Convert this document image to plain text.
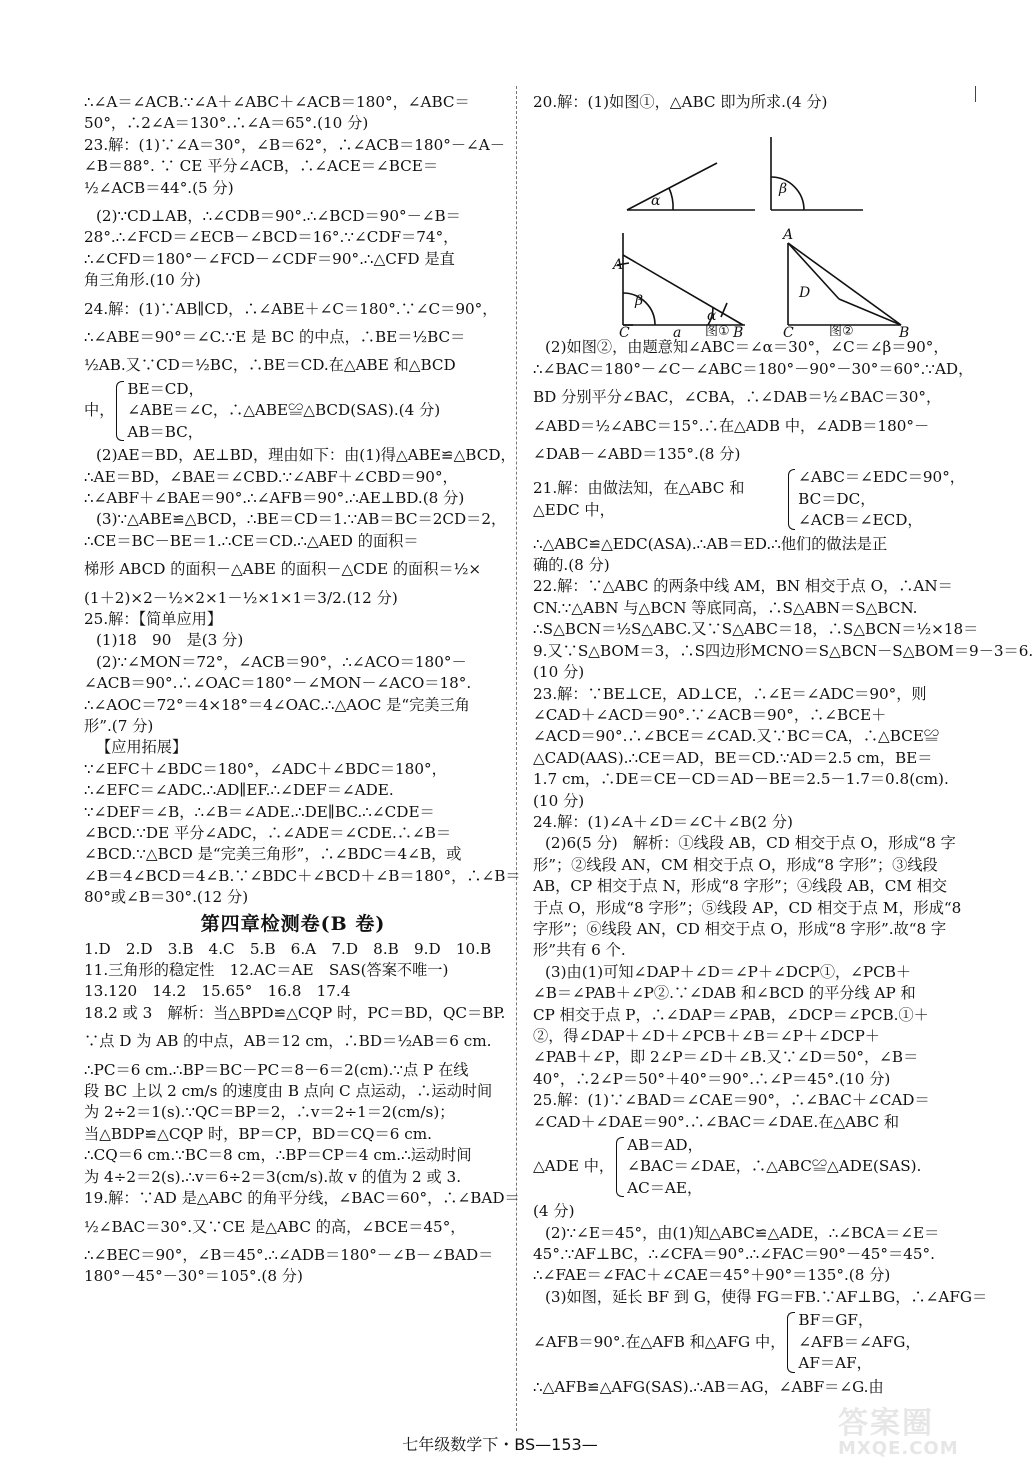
∴∠A＝∠ACB.∵∠A＋∠ABC＋∠ACB＝180°，∠ABC＝
50°，∴2∠A＝130°.∴∠A＝65°.(10 分)
23.解：(1)∵∠A＝30°，∠B＝62°，∴∠ACB＝180°－∠A－
∠B＝88°. ∵ CE 平分∠ACB，∴∠ACE＝∠BCE＝
½∠ACB＝44°.(5 分)
(2)∵CD⊥AB，∴∠CDB＝90°.∴∠BCD＝90°－∠B＝
28°.∴∠FCD＝∠ECB－∠BCD＝16°.∵∠CDF＝74°，
∴∠CFD＝180°－∠FCD－∠CDF＝90°.∴△CFD 是直
角三角形.(10 分)
24.解：(1)∵AB∥CD，∴∠ABE＋∠C＝180°.∵∠C＝90°，
∴∠ABE＝90°＝∠C.∵E 是 BC 的中点，∴BE＝½BC＝
½AB.又∵CD＝½BC，∴BE＝CD.在△ABE 和△BCD
中，
BE＝CD，
∠ABE＝∠C，∴△ABE≌△BCD(SAS).(4 分)
AB＝BC，
(2)AE＝BD，AE⊥BD，理由如下：由(1)得△ABE≌△BCD，
∴AE＝BD，∠BAE＝∠CBD.∵∠ABF＋∠CBD＝90°，
∴∠ABF＋∠BAE＝90°.∴∠AFB＝90°.∴AE⊥BD.(8 分)
(3)∵△ABE≌△BCD，∴BE＝CD＝1.∵AB＝BC＝2CD＝2，
∴CE＝BC－BE＝1.∴CE＝CD.∴△AED 的面积＝
梯形 ABCD 的面积－△ABE 的面积－△CDE 的面积＝½×
(1＋2)×2－½×2×1－½×1×1＝3/2.(12 分)
25.解：【简单应用】
(1)18　90　是(3 分)
(2)∵∠MON＝72°，∠ACB＝90°，∴∠ACO＝180°－
∠ACB＝90°.∴∠OAC＝180°－∠MON－∠ACO＝18°.
∴∠AOC＝72°＝4×18°＝4∠OAC.∴△AOC 是“完美三角
形”.(7 分)
【应用拓展】
∵∠EFC＋∠BDC＝180°，∠ADC＋∠BDC＝180°，
∴∠EFC＝∠ADC.∴AD∥EF.∴∠DEF＝∠ADE.
∵∠DEF＝∠B，∴∠B＝∠ADE.∴DE∥BC.∴∠CDE＝
∠BCD.∵DE 平分∠ADC，∴∠ADE＝∠CDE.∴∠B＝
∠BCD.∵△BCD 是“完美三角形”，∴∠BDC＝4∠B，或
∠B＝4∠BCD＝4∠B.∵∠BDC＋∠BCD＋∠B＝180°，∴∠B＝
80°或∠B＝30°.(12 分)
第四章检测卷(B 卷)
1.D　2.D　3.B　4.C　5.B　6.A　7.D　8.B　9.D　10.B
11.三角形的稳定性　12.AC＝AE　SAS(答案不唯一)
13.120　14.2　15.65°　16.8　17.4
18.2 或 3　解析：当△BPD≌△CQP 时，PC＝BD，QC＝BP.
∵点 D 为 AB 的中点，AB＝12 cm，∴BD＝½AB＝6 cm.
∴PC＝6 cm.∴BP＝BC－PC＝8－6＝2(cm).∵点 P 在线
段 BC 上以 2 cm/s 的速度由 B 点向 C 点运动，∴运动时间
为 2÷2＝1(s).∵QC＝BP＝2，∴v＝2÷1＝2(cm/s)；
当△BDP≌△CQP 时，BP＝CP，BD＝CQ＝6 cm.
∴CQ＝6 cm.∵BC＝8 cm，∴BP＝CP＝4 cm.∴运动时间
为 4÷2＝2(s).∴v＝6÷2＝3(cm/s).故 v 的值为 2 或 3.
19.解：∵AD 是△ABC 的角平分线，∠BAC＝60°，∴∠BAD＝
½∠BAC＝30°.又∵CE 是△ABC 的高，∠BCE＝45°，
∴∠BEC＝90°，∠B＝45°.∴∠ADB＝180°－∠B－∠BAD＝
180°－45°－30°＝105°.(8 分)
20.解：(1)如图①，△ABC 即为所求.(4 分)
α
β
A
β
α
a
C	B
A
D
C	B
图①	图②
(2)如图②，由题意知∠ABC＝∠α＝30°，∠C＝∠β＝90°，
∴∠BAC＝180°－∠C－∠ABC＝180°－90°－30°＝60°.∵AD，
BD 分别平分∠BAC，∠CBA，∴∠DAB＝½∠BAC＝30°，
∠ABD＝½∠ABC＝15°.∴在△ADB 中，∠ADB＝180°－
∠DAB－∠ABD＝135°.(8 分)
21.解：由做法知，在△ABC 和△EDC 中，
∠ABC＝∠EDC＝90°，
BC＝DC，
∠ACB＝∠ECD，
∴△ABC≌△EDC(ASA).∴AB＝ED.∴他们的做法是正
确的.(8 分)
22.解：∵△ABC 的两条中线 AM，BN 相交于点 O，∴AN＝
CN.∵△ABN 与△BCN 等底同高，∴S△ABN＝S△BCN.
∴S△BCN＝½S△ABC.又∵S△ABC＝18，∴S△BCN＝½×18＝
9.又∵S△BOM＝3，∴S四边形MCNO＝S△BCN－S△BOM＝9－3＝6.
(10 分)
23.解：∵BE⊥CE，AD⊥CE，∴∠E＝∠ADC＝90°，则
∠CAD＋∠ACD＝90°.∵∠ACB＝90°，∴∠BCE＋
∠ACD＝90°.∴∠BCE＝∠CAD.又∵BC＝CA，∴△BCE≌
△CAD(AAS).∴CE＝AD，BE＝CD.∵AD＝2.5 cm，BE＝
1.7 cm，∴DE＝CE－CD＝AD－BE＝2.5－1.7＝0.8(cm).
(10 分)
24.解：(1)∠A＋∠D＝∠C＋∠B(2 分)
(2)6(5 分)　解析：①线段 AB，CD 相交于点 O，形成“8 字
形”；②线段 AN，CM 相交于点 O，形成“8 字形”；③线段
AB，CP 相交于点 N，形成“8 字形”；④线段 AB，CM 相交
于点 O，形成“8 字形”；⑤线段 AP，CD 相交于点 M，形成“8
字形”；⑥线段 AN，CD 相交于点 O，形成“8 字形”.故“8 字
形”共有 6 个.
(3)由(1)可知∠DAP＋∠D＝∠P＋∠DCP①，∠PCB＋
∠B＝∠PAB＋∠P②.∵∠DAB 和∠BCD 的平分线 AP 和
CP 相交于点 P，∴∠DAP＝∠PAB，∠DCP＝∠PCB.①＋
②，得∠DAP＋∠D＋∠PCB＋∠B＝∠P＋∠DCP＋
∠PAB＋∠P，即 2∠P＝∠D＋∠B.又∵∠D＝50°，∠B＝
40°，∴2∠P＝50°＋40°＝90°.∴∠P＝45°.(10 分)
25.解：(1)∵∠BAD＝∠CAE＝90°，∴∠BAC＋∠CAD＝
∠CAD＋∠DAE＝90°.∴∠BAC＝∠DAE.在△ABC 和
△ADE 中，
AB＝AD，
∠BAC＝∠DAE，∴△ABC≌△ADE(SAS).
AC＝AE，
(4 分)
(2)∵∠E＝45°，由(1)知△ABC≌△ADE，∴∠BCA＝∠E＝
45°.∵AF⊥BC，∴∠CFA＝90°.∴∠FAC＝90°－45°＝45°.
∴∠FAE＝∠FAC＋∠CAE＝45°＋90°＝135°.(8 分)
(3)如图，延长 BF 到 G，使得 FG＝FB.∵AF⊥BG，∴∠AFG＝
∠AFB＝90°.在△AFB 和△AFG 中，
BF＝GF，
∠AFB＝∠AFG，
AF＝AF，
∴△AFB≌△AFG(SAS).∴AB＝AG，∠ABF＝∠G.由
七年级数学下・BS—153—
答案圈
MXQE.COM
